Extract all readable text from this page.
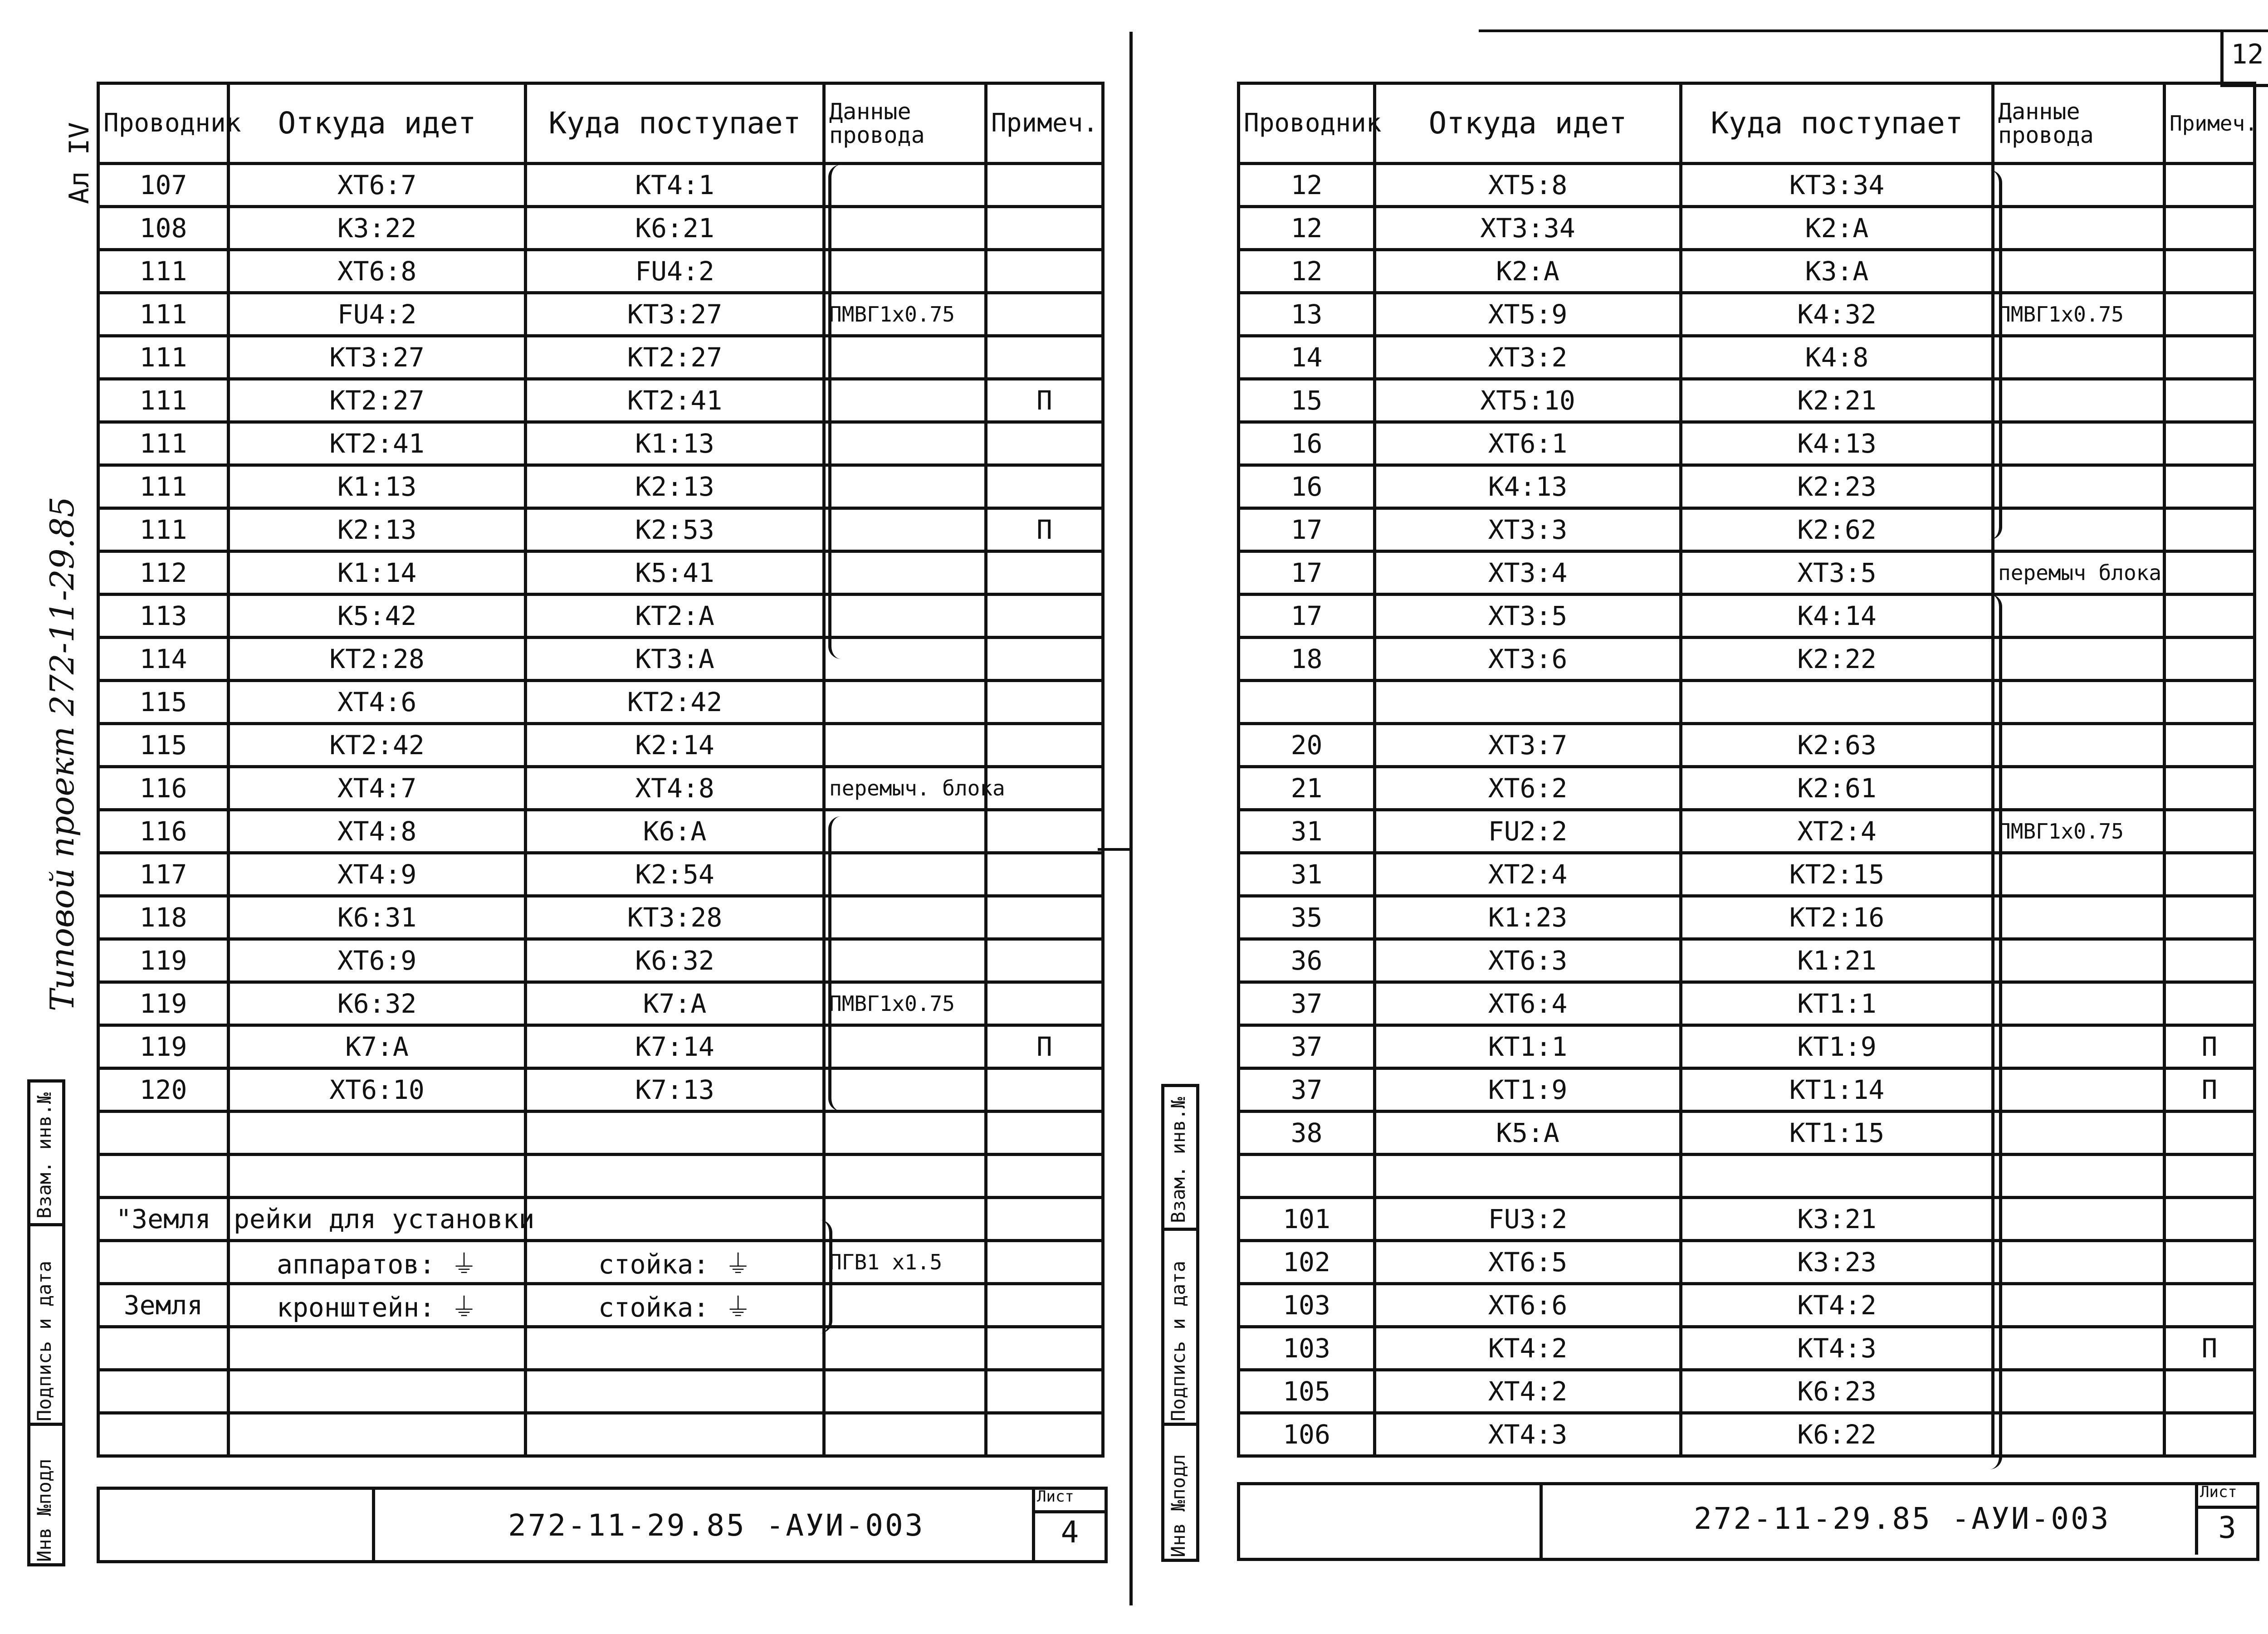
Ал IV
Типовой проект 272-11-29.85
Взам. инв.№
Подпись и дата
Инв №подл
Проводник	Откуда идет	Куда поступает	Данные провода	Примеч.
107	ХТ6:7	КТ4:1		
108	К3:22	К6:21		
111	ХТ6:8	FU4:2		
111	FU4:2	КТ3:27	ПМВГ1х0.75	
111	КТ3:27	КТ2:27		
111	КТ2:27	КТ2:41		П
111	КТ2:41	К1:13		
111	К1:13	К2:13		
111	К2:13	К2:53		П
112	К1:14	К5:41		
113	К5:42	КТ2:А		
114	КТ2:28	КТ3:А		
115	ХТ4:6	КТ2:42		
115	КТ2:42	К2:14		
116	ХТ4:7	ХТ4:8	перемыч. блока	
116	ХТ4:8	К6:А		
117	ХТ4:9	К2:54		
118	К6:31	КТ3:28		
119	ХТ6:9	К6:32		
119	К6:32	К7:А	ПМВГ1х0.75	
119	К7:А	К7:14		П
120	ХТ6:10	К7:13		

"Земля	рейки для установки			
	аппаратов: ⏚	стойка: ⏚	ПГВ1 х1.5	
Земля	кронштейн: ⏚	стойка: ⏚		

272-11-29.85 -АУИ-003
Лист
4
12
Взам. инв.№
Подпись и дата
Инв №подл
Проводник	Откуда идет	Куда поступает	Данные провода	Примеч.
12	ХТ5:8	КТ3:34		
12	ХТ3:34	К2:А		
12	К2:А	К3:А		
13	ХТ5:9	К4:32	ПМВГ1х0.75	
14	ХТ3:2	К4:8		
15	ХТ5:10	К2:21		
16	ХТ6:1	К4:13		
16	К4:13	К2:23		
17	ХТ3:3	К2:62		
17	ХТ3:4	ХТ3:5	перемыч блока	
17	ХТ3:5	К4:14		
18	ХТ3:6	К2:22		

20	ХТ3:7	К2:63		
21	ХТ6:2	К2:61		
31	FU2:2	ХТ2:4	ПМВГ1х0.75	
31	ХТ2:4	КТ2:15		
35	К1:23	КТ2:16		
36	ХТ6:3	К1:21		
37	ХТ6:4	КТ1:1		
37	КТ1:1	КТ1:9		П
37	КТ1:9	КТ1:14		П
38	К5:А	КТ1:15		

101	FU3:2	К3:21		
102	ХТ6:5	К3:23		
103	ХТ6:6	КТ4:2		
103	КТ4:2	КТ4:3		П
105	ХТ4:2	К6:23		
106	ХТ4:3	К6:22		
272-11-29.85 -АУИ-003
Лист
3
